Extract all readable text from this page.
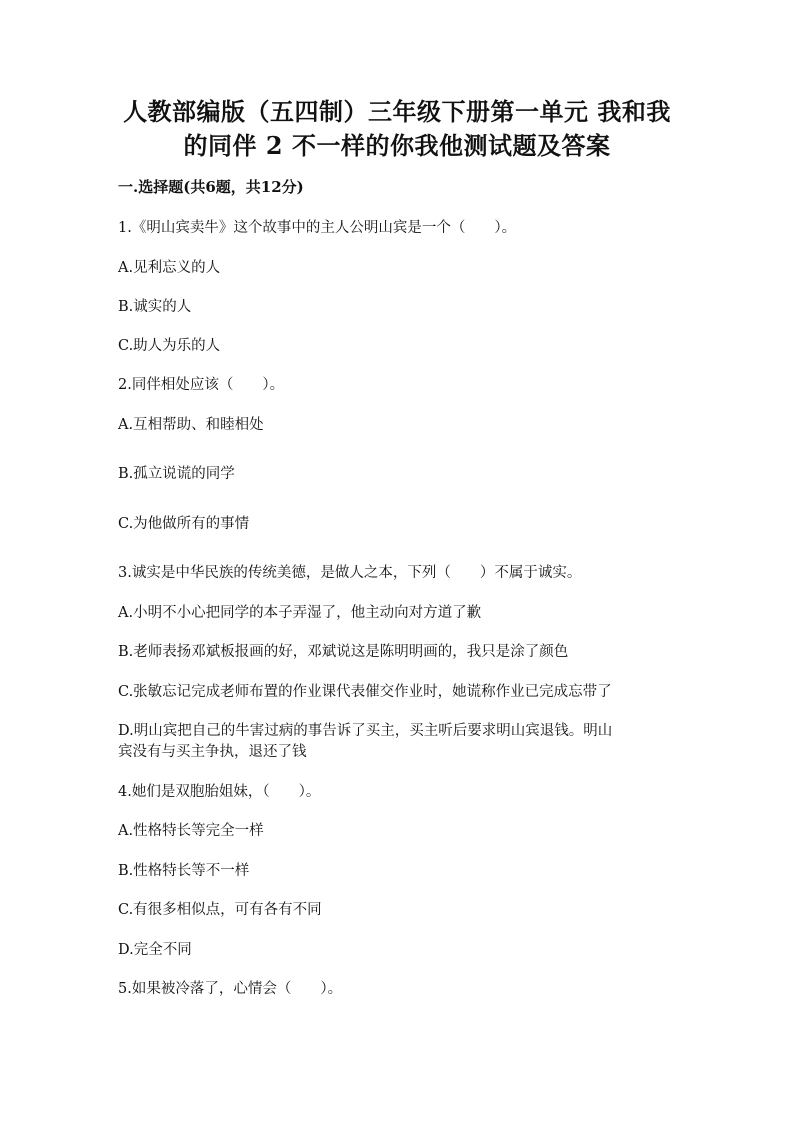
人教部编版（五四制）三年级下册第一单元 我和我
的同伴 2 不一样的你我他测试题及答案
一.选择题(共6题，共12分)
1.《明山宾卖牛》这个故事中的主人公明山宾是一个（　　）。
A.见利忘义的人
B.诚实的人
C.助人为乐的人
2.同伴相处应该（　　）。
A.互相帮助、和睦相处
B.孤立说谎的同学
C.为他做所有的事情
3.诚实是中华民族的传统美德，是做人之本，下列（　　）不属于诚实。
A.小明不小心把同学的本子弄湿了，他主动向对方道了歉
B.老师表扬邓斌板报画的好，邓斌说这是陈明明画的，我只是涂了颜色
C.张敏忘记完成老师布置的作业课代表催交作业时，她谎称作业已完成忘带了
D.明山宾把自己的牛害过病的事告诉了买主，买主听后要求明山宾退钱。明山
宾没有与买主争执，退还了钱
4.她们是双胞胎姐妹，（　　）。
A.性格特长等完全一样
B.性格特长等不一样
C.有很多相似点，可有各有不同
D.完全不同
5.如果被冷落了，心情会（　　）。
